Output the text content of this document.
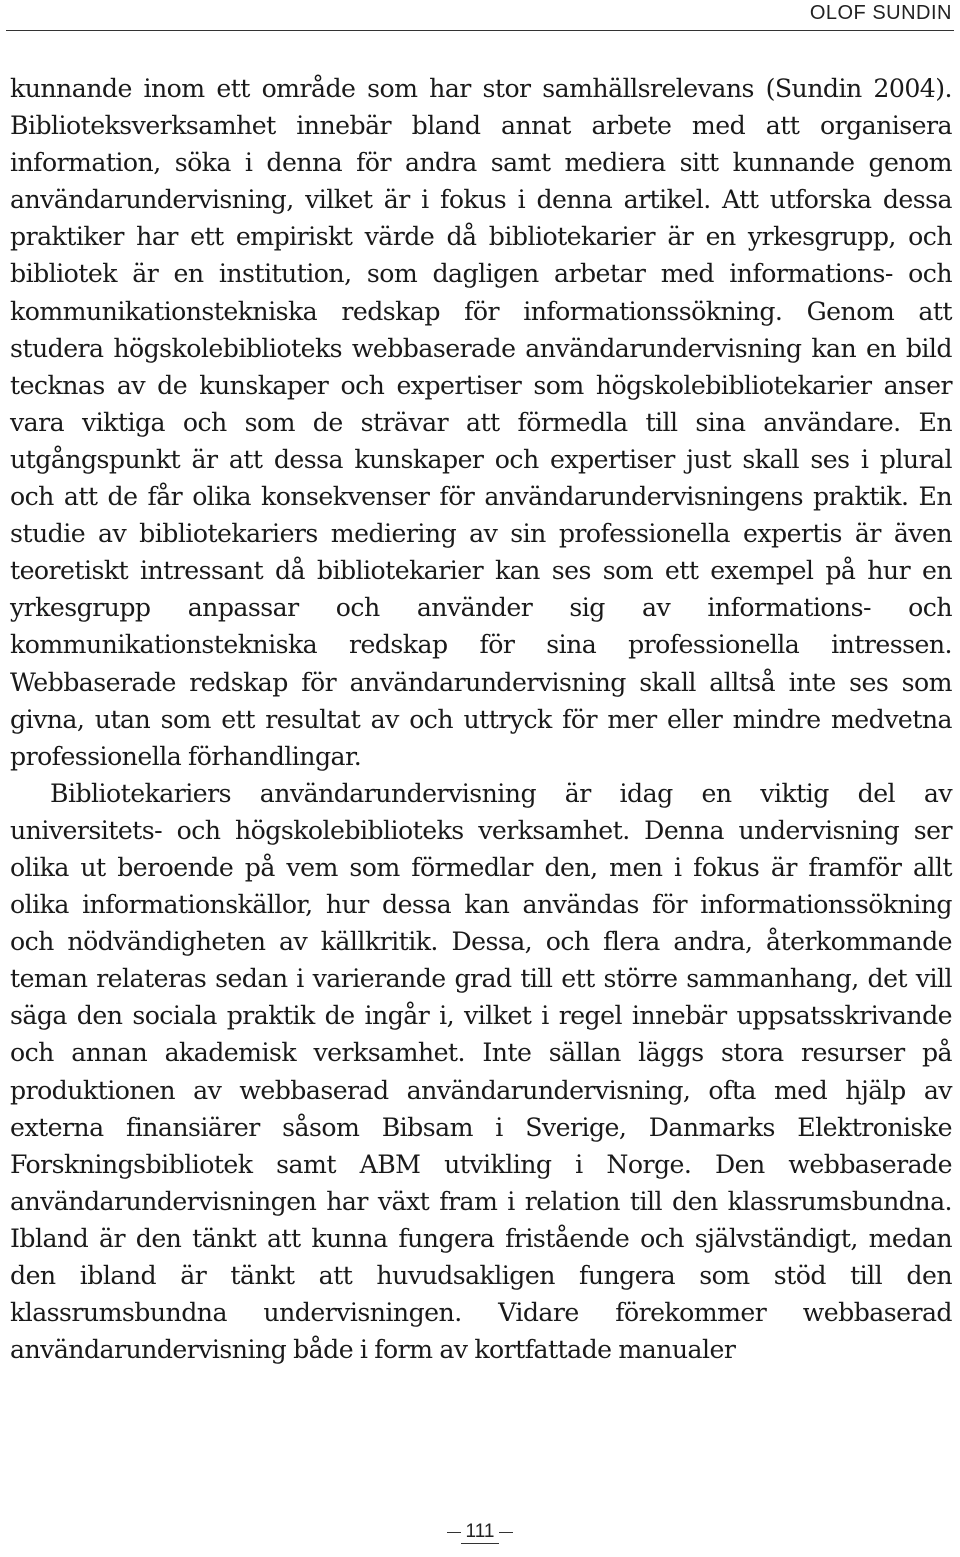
OLOF SUNDIN

kunnande inom ett område som har stor samhällsrelevans (Sundin 2004). Biblioteksverksamhet innebär bland annat arbete med att organisera information, söka i denna för andra samt mediera sitt kunnande genom användarundervisning, vilket är i fokus i denna artikel. Att utforska dessa praktiker har ett empiriskt värde då bibliotekarier är en yrkesgrupp, och bibliotek är en institution, som dagligen arbetar med informations- och kommunikationstekniska redskap för informationssökning. Genom att studera högskolebiblioteks webbaserade användarundervisning kan en bild tecknas av de kunskaper och expertiser som högskolebibliotekarier anser vara viktiga och som de strävar att förmedla till sina användare. En utgångspunkt är att dessa kunskaper och expertiser just skall ses i plural och att de får olika konsekvenser för användarundervisningens praktik. En studie av bibliotekariers mediering av sin professionella expertis är även teoretiskt intressant då bibliotekarier kan ses som ett exempel på hur en yrkesgrupp anpassar och använder sig av informations- och kommunikationstekniska redskap för sina professionella intressen. Webbaserade redskap för användarundervisning skall alltså inte ses som givna, utan som ett resultat av och uttryck för mer eller mindre medvetna professionella förhandlingar.

Bibliotekariers användarundervisning är idag en viktig del av universitets- och högskolebiblioteks verksamhet. Denna undervisning ser olika ut beroende på vem som förmedlar den, men i fokus är framför allt olika informationskällor, hur dessa kan användas för informationssökning och nödvändigheten av källkritik. Dessa, och flera andra, återkommande teman relateras sedan i varierande grad till ett större sammanhang, det vill säga den sociala praktik de ingår i, vilket i regel innebär uppsatsskrivande och annan akademisk verksamhet. Inte sällan läggs stora resurser på produktionen av webbaserad användarundervisning, ofta med hjälp av externa finansiärer såsom Bibsam i Sverige, Danmarks Elektroniske Forskningsbibliotek samt ABM utvikling i Norge. Den webbaserade användarundervisningen har växt fram i relation till den klassrumsbundna. Ibland är den tänkt att kunna fungera fristående och självständigt, medan den ibland är tänkt att huvudsakligen fungera som stöd till den klassrumsbundna undervisningen. Vidare förekommer webbaserad användarundervisning både i form av kortfattade manualer

111
